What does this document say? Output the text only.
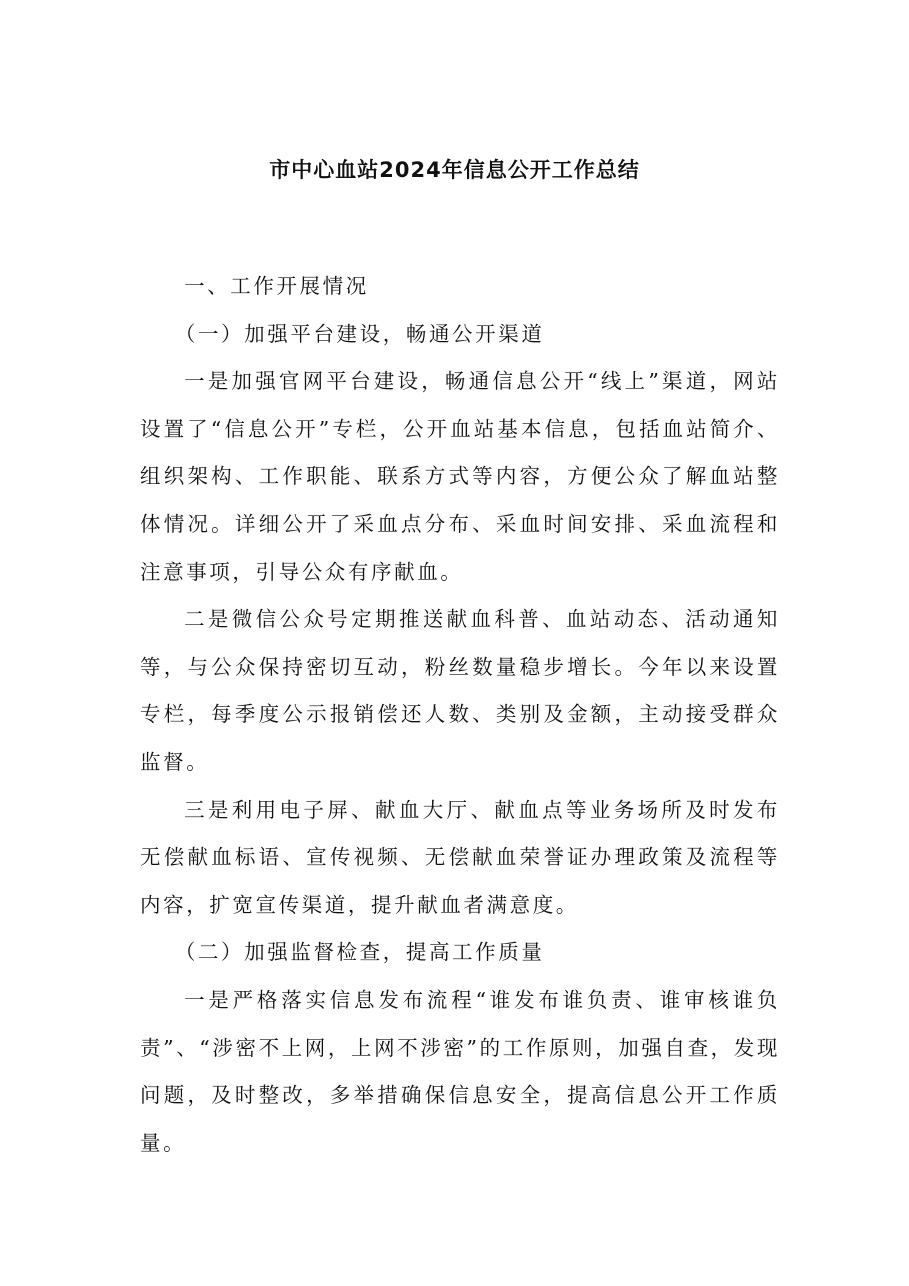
市中心血站2024年信息公开工作总结

一、工作开展情况

（一）加强平台建设，畅通公开渠道

一是加强官网平台建设，畅通信息公开“线上”渠道，网站设置了“信息公开”专栏，公开血站基本信息，包括血站简介、组织架构、工作职能、联系方式等内容，方便公众了解血站整体情况。详细公开了采血点分布、采血时间安排、采血流程和注意事项，引导公众有序献血。

二是微信公众号定期推送献血科普、血站动态、活动通知等，与公众保持密切互动，粉丝数量稳步增长。今年以来设置专栏，每季度公示报销偿还人数、类别及金额，主动接受群众监督。

三是利用电子屏、献血大厅、献血点等业务场所及时发布无偿献血标语、宣传视频、无偿献血荣誉证办理政策及流程等内容，扩宽宣传渠道，提升献血者满意度。

（二）加强监督检查，提高工作质量

一是严格落实信息发布流程“谁发布谁负责、谁审核谁负责”、“涉密不上网，上网不涉密”的工作原则，加强自查，发现问题，及时整改，多举措确保信息安全，提高信息公开工作质量。
